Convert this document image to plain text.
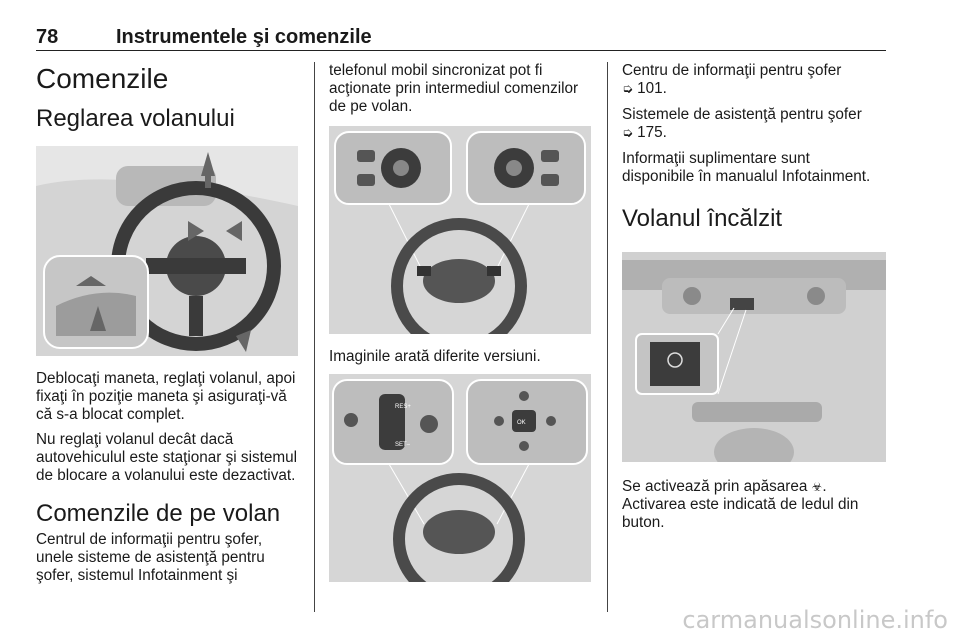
78	Instrumentele şi comenzile
Comenzile
Reglarea volanului

Deblocaţi maneta, reglaţi volanul, apoi fixaţi în poziţie maneta şi asiguraţi-vă că s-a blocat complet.

Nu reglaţi volanul decât dacă autovehiculul este staţionar şi sistemul de blocare a volanului este dezactivat.

Comenzile de pe volan

Centrul de informaţii pentru şofer, unele sisteme de asistenţă pentru şofer, sistemul Infotainment şi

telefonul mobil sincronizat pot fi acţionate prin intermediul comenzilor de pe volan.

Imaginile arată diferite versiuni.

RES+
SET–
OK

Centru de informaţii pentru şofer
➭ 101.

Sistemele de asistenţă pentru şofer
➭ 175.

Informaţii suplimentare sunt disponibile în manualul Infotainment.

Volanul încălzit

Se activează prin apăsarea ☣.

Activarea este indicată de ledul din buton.

carmanualsonline.info
